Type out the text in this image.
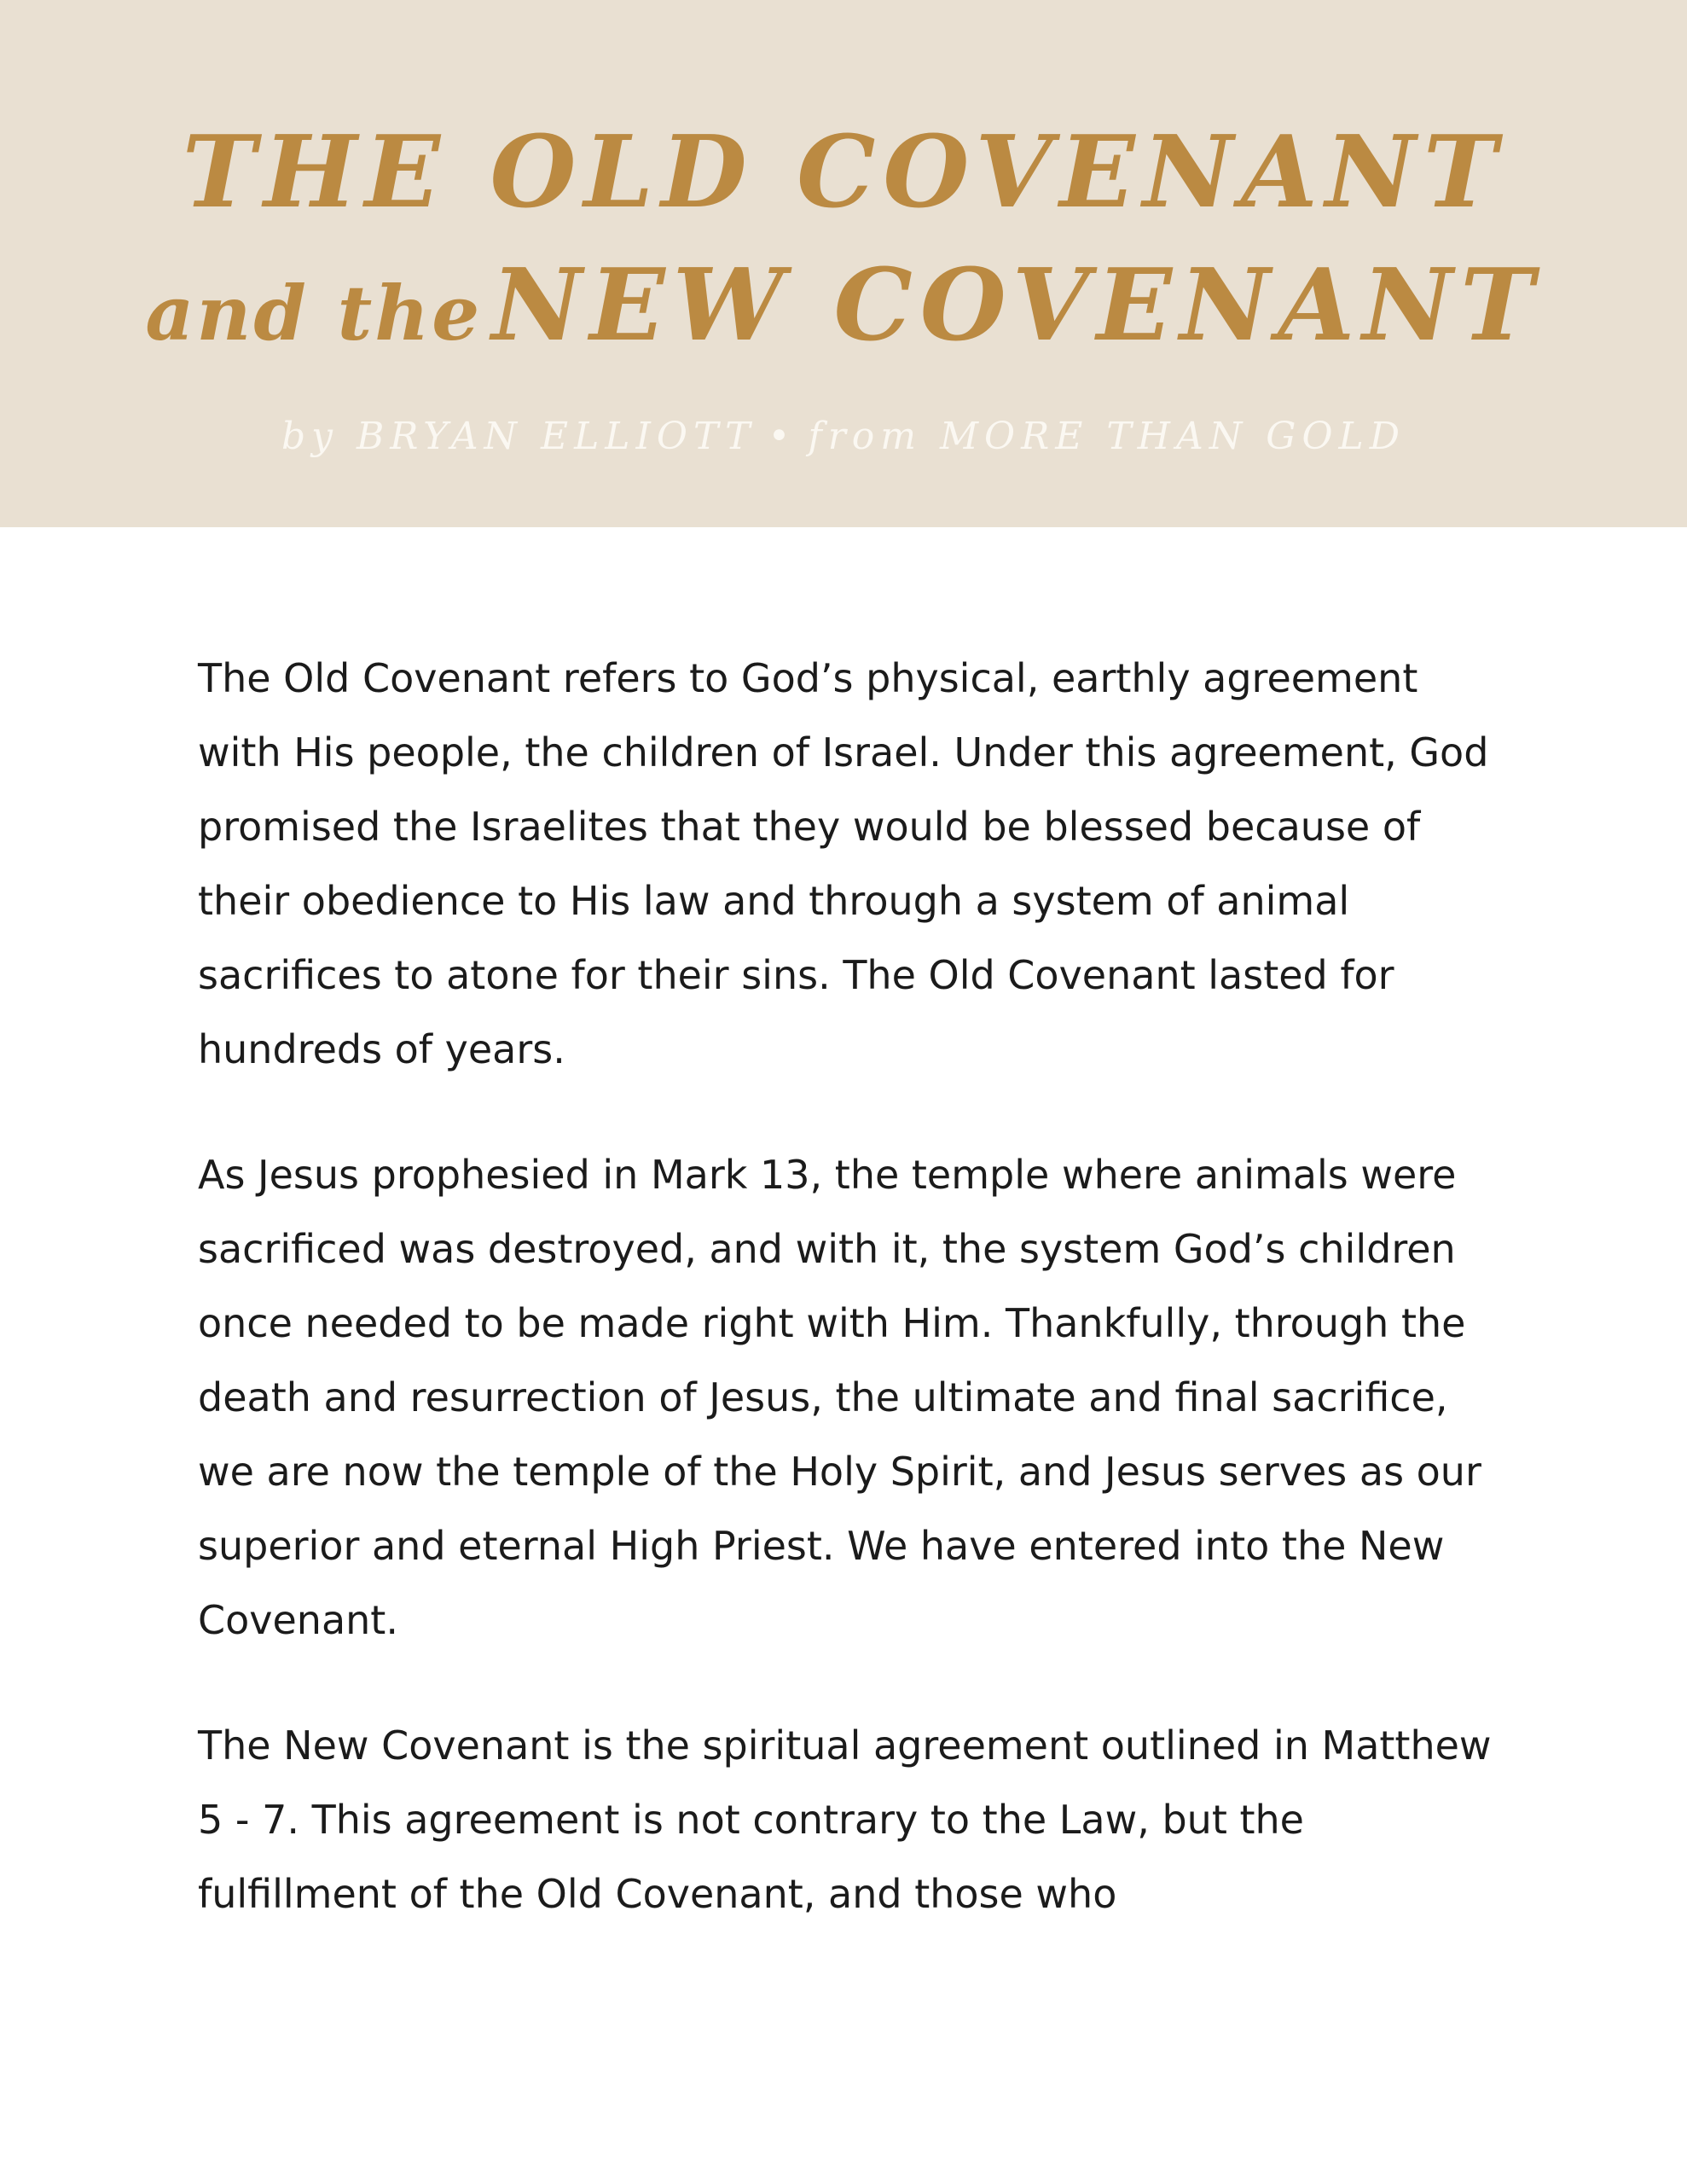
THE OLD COVENANT
and the NEW COVENANT
by BRYAN ELLIOTT • from MORE THAN GOLD

The Old Covenant refers to God’s physical, earthly agreement with His people, the children of Israel. Under this agreement, God promised the Israelites that they would be blessed because of their obedience to His law and through a system of animal sacrifices to atone for their sins. The Old Covenant lasted for hundreds of years.

As Jesus prophesied in Mark 13, the temple where animals were sacrificed was destroyed, and with it, the system God’s children once needed to be made right with Him. Thankfully, through the death and resurrection of Jesus, the ultimate and final sacrifice, we are now the temple of the Holy Spirit, and Jesus serves as our superior and eternal High Priest. We have entered into the New Covenant.

The New Covenant is the spiritual agreement outlined in Matthew 5 - 7. This agreement is not contrary to the Law, but the fulfillment of the Old Covenant, and those who
